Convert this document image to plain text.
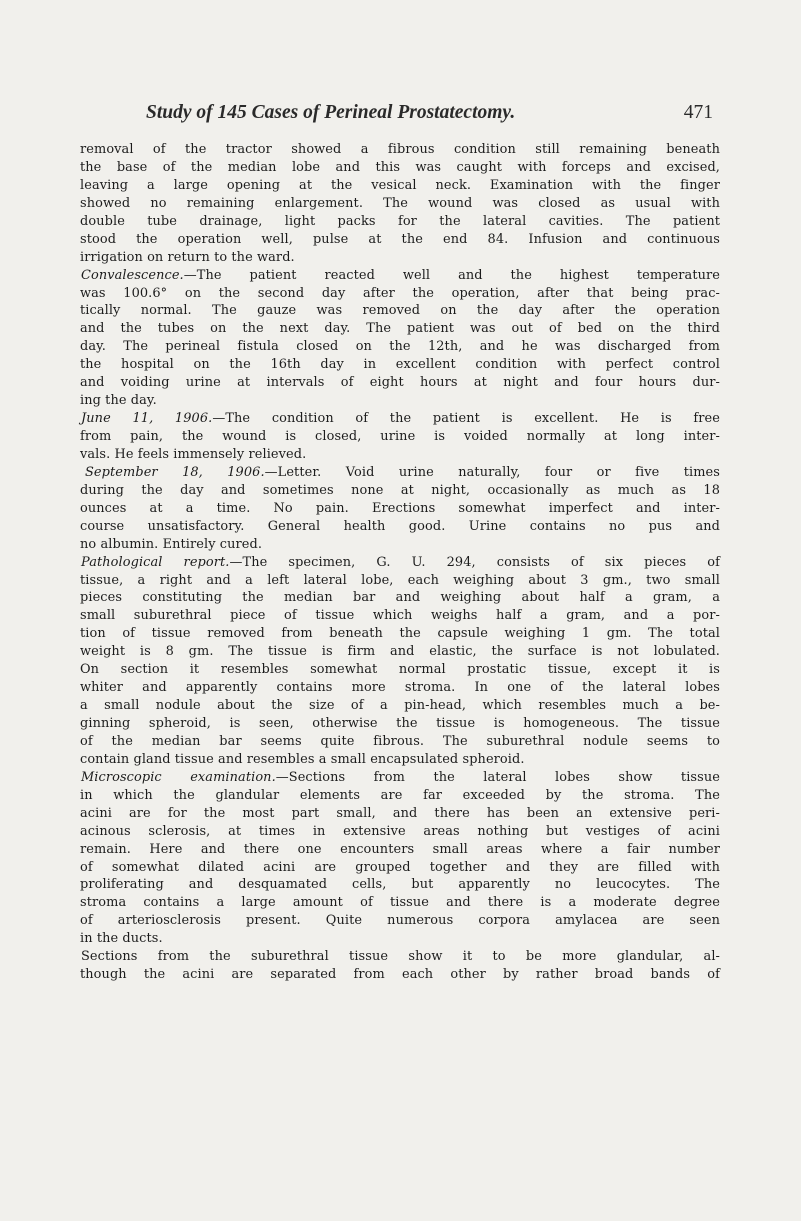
Study of 145 Cases of Perineal Prostatectomy.	471
removal of the tractor showed a fibrous condition still remaining beneath
the base of the median lobe and this was caught with forceps and excised,
leaving a large opening at the vesical neck. Examination with the finger
showed no remaining enlargement. The wound was closed as usual with
double tube drainage, light packs for the lateral cavities. The patient
stood the operation well, pulse at the end 84. Infusion and continuous
irrigation on return to the ward.
Convalescence.—The patient reacted well and the highest temperature
was 100.6° on the second day after the operation, after that being prac-
tically normal. The gauze was removed on the day after the operation
and the tubes on the next day. The patient was out of bed on the third
day. The perineal fistula closed on the 12th, and he was discharged from
the hospital on the 16th day in excellent condition with perfect control
and voiding urine at intervals of eight hours at night and four hours dur-
ing the day.
June 11, 1906.—The condition of the patient is excellent. He is free
from pain, the wound is closed, urine is voided normally at long inter-
vals. He feels immensely relieved.
September 18, 1906.—Letter. Void urine naturally, four or five times
during the day and sometimes none at night, occasionally as much as 18
ounces at a time. No pain. Erections somewhat imperfect and inter-
course unsatisfactory. General health good. Urine contains no pus and
no albumin. Entirely cured.
Pathological report.—The specimen, G. U. 294, consists of six pieces of
tissue, a right and a left lateral lobe, each weighing about 3 gm., two small
pieces constituting the median bar and weighing about half a gram, a
small suburethral piece of tissue which weighs half a gram, and a por-
tion of tissue removed from beneath the capsule weighing 1 gm. The total
weight is 8 gm. The tissue is firm and elastic, the surface is not lobulated.
On section it resembles somewhat normal prostatic tissue, except it is
whiter and apparently contains more stroma. In one of the lateral lobes
a small nodule about the size of a pin-head, which resembles much a be-
ginning spheroid, is seen, otherwise the tissue is homogeneous. The tissue
of the median bar seems quite fibrous. The suburethral nodule seems to
contain gland tissue and resembles a small encapsulated spheroid.
Microscopic examination.—Sections from the lateral lobes show tissue
in which the glandular elements are far exceeded by the stroma. The
acini are for the most part small, and there has been an extensive peri-
acinous sclerosis, at times in extensive areas nothing but vestiges of acini
remain. Here and there one encounters small areas where a fair number
of somewhat dilated acini are grouped together and they are filled with
proliferating and desquamated cells, but apparently no leucocytes. The
stroma contains a large amount of tissue and there is a moderate degree
of arteriosclerosis present. Quite numerous corpora amylacea are seen
in the ducts.
Sections from the suburethral tissue show it to be more glandular, al-
though the acini are separated from each other by rather broad bands of
